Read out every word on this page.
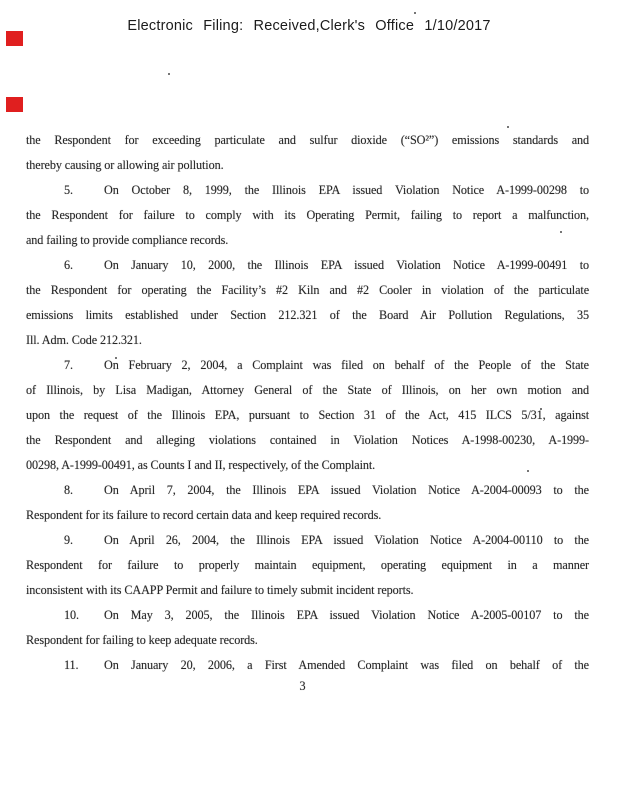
Electronic Filing: Received,Clerk's Office 1/10/2017
the Respondent for exceeding particulate and sulfur dioxide (“SO²”) emissions standards and
thereby causing or allowing air pollution.
5.	On October 8, 1999, the Illinois EPA issued Violation Notice A-1999-00298 to
the Respondent for failure to comply with its Operating Permit, failing to report a malfunction,
and failing to provide compliance records.
6.	On January 10, 2000, the Illinois EPA issued Violation Notice A-1999-00491 to
the Respondent for operating the Facility’s #2 Kiln and #2 Cooler in violation of the particulate
emissions limits established under Section 212.321 of the Board Air Pollution Regulations, 35
Ill. Adm. Code 212.321.
7.	On February 2, 2004, a Complaint was filed on behalf of the People of the State
of Illinois, by Lisa Madigan, Attorney General of the State of Illinois, on her own motion and
upon the request of the Illinois EPA, pursuant to Section 31 of the Act, 415 ILCS 5/31, against
the Respondent and alleging violations contained in Violation Notices A-1998-00230, A-1999-
00298, A-1999-00491, as Counts I and II, respectively, of the Complaint.
8.	On April 7, 2004, the Illinois EPA issued Violation Notice A-2004-00093 to the
Respondent for its failure to record certain data and keep required records.
9.	On April 26, 2004, the Illinois EPA issued Violation Notice A-2004-00110 to the
Respondent for failure to properly maintain equipment, operating equipment in a manner
inconsistent with its CAAPP Permit and failure to timely submit incident reports.
10. On May 3, 2005, the Illinois EPA issued Violation Notice A-2005-00107 to the
Respondent for failing to keep adequate records.
11. On January 20, 2006, a First Amended Complaint was filed on behalf of the
3
